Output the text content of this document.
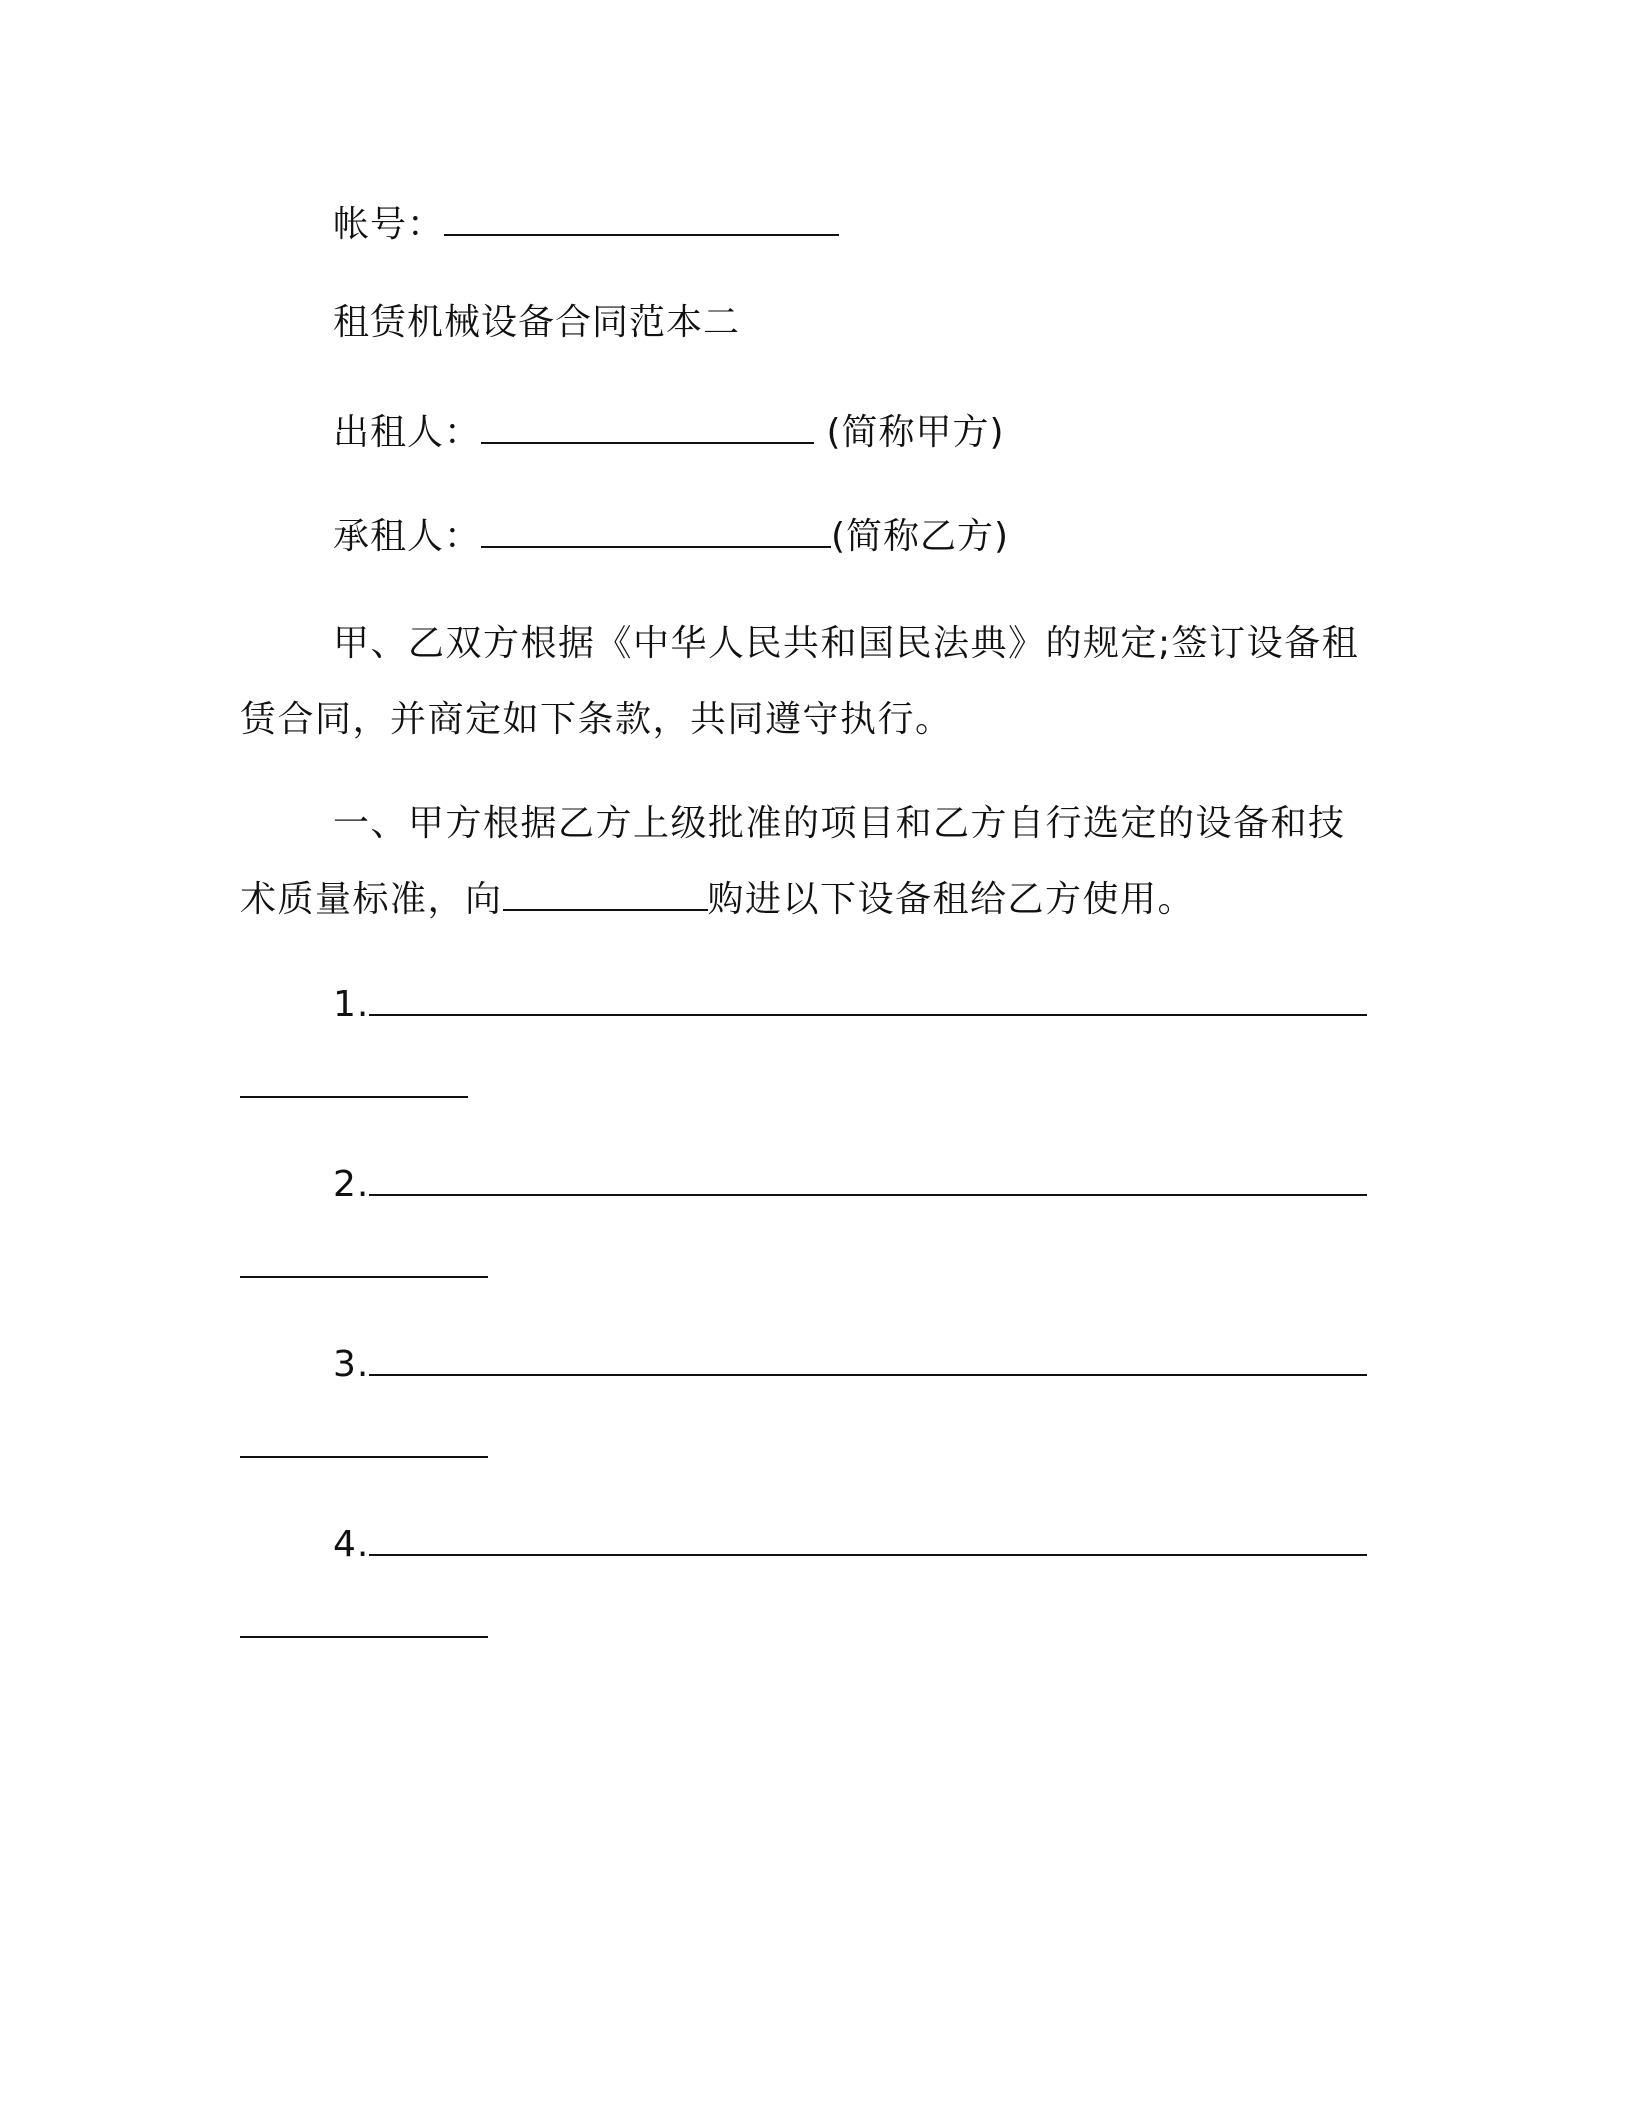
帐号：
租赁机械设备合同范本二
出租人：	(简称甲方)
承租人：	(简称乙方)
甲、乙双方根据《中华人民共和国民法典》的规定;签订设备租赁合同，并商定如下条款，共同遵守执行。
一、甲方根据乙方上级批准的项目和乙方自行选定的设备和技术质量标准，向	购进以下设备租给乙方使用。
1.
2.
3.
4.
